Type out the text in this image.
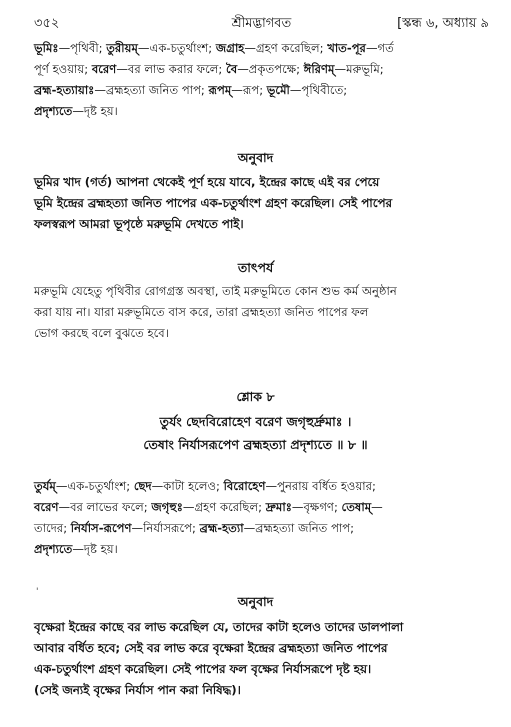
৩৫২	শ্রীমদ্ভাগবত	[স্কন্ধ ৬, অধ্যায় ৯

ভূমিঃ—পৃথিবী; তুরীয়ম্—এক-চতুর্থাংশ; জগ্রাহ—গ্রহণ করেছিল; খাত-পূর—গর্ত

পূর্ণ হওয়ায়; বরেণ—বর লাভ করার ফলে; বৈ—প্রকৃতপক্ষে; ঈরিণম্—মরুভূমি;

ব্রহ্ম-হত্যায়াঃ—ব্রহ্মহত্যা জনিত পাপ; রূপম্—রূপ; ভূমৌ—পৃথিবীতে;

প্রদৃশ্যতে—দৃষ্ট হয়।

অনুবাদ

ভূমির খাদ (গর্ত) আপনা থেকেই পূর্ণ হয়ে যাবে, ইন্দ্রের কাছে এই বর পেয়ে

ভূমি ইন্দ্রের ব্রহ্মহত্যা জনিত পাপের এক-চতুর্থাংশ গ্রহণ করেছিল। সেই পাপের

ফলস্বরূপ আমরা ভূপৃষ্ঠে মরুভূমি দেখতে পাই।

তাৎপর্য

মরুভূমি যেহেতু পৃথিবীর রোগগ্রস্ত অবস্থা, তাই মরুভূমিতে কোন শুভ কর্ম অনুষ্ঠান

করা যায় না। যারা মরুভূমিতে বাস করে, তারা ব্রহ্মহত্যা জনিত পাপের ফল

ভোগ করছে বলে বুঝতে হবে।

শ্লোক ৮
তুর্যং ছেদবিরোহেণ বরেণ জগৃহুর্দ্রুমাঃ ।
তেষাং নির্যাসরূপেণ ব্রহ্মহত্যা প্রদৃশ্যতে ॥ ৮ ॥

তুর্যম্—এক-চতুর্থাংশ; ছেদ—কাটা হলেও; বিরোহেণ—পুনরায় বর্ধিত হওয়ার;

বরেণ—বর লাভের ফলে; জগৃহুঃ—গ্রহণ করেছিল; দ্রুমাঃ—বৃক্ষগণ; তেষাম্—

তাদের; নির্যাস-রূপেণ—নির্যাসরূপে; ব্রহ্ম-হত্যা—ব্রহ্মহত্যা জনিত পাপ;

প্রদৃশ্যতে—দৃষ্ট হয়।

'
অনুবাদ

বৃক্ষেরা ইন্দ্রের কাছে বর লাভ করেছিল যে, তাদের কাটা হলেও তাদের ডালপালা

আবার বর্ধিত হবে; সেই বর লাভ করে বৃক্ষেরা ইন্দ্রের ব্রহ্মহত্যা জনিত পাপের

এক-চতুর্থাংশ গ্রহণ করেছিল। সেই পাপের ফল বৃক্ষের নির্যাসরূপে দৃষ্ট হয়।

(সেই জন্যই বৃক্ষের নির্যাস পান করা নিষিদ্ধ)।
